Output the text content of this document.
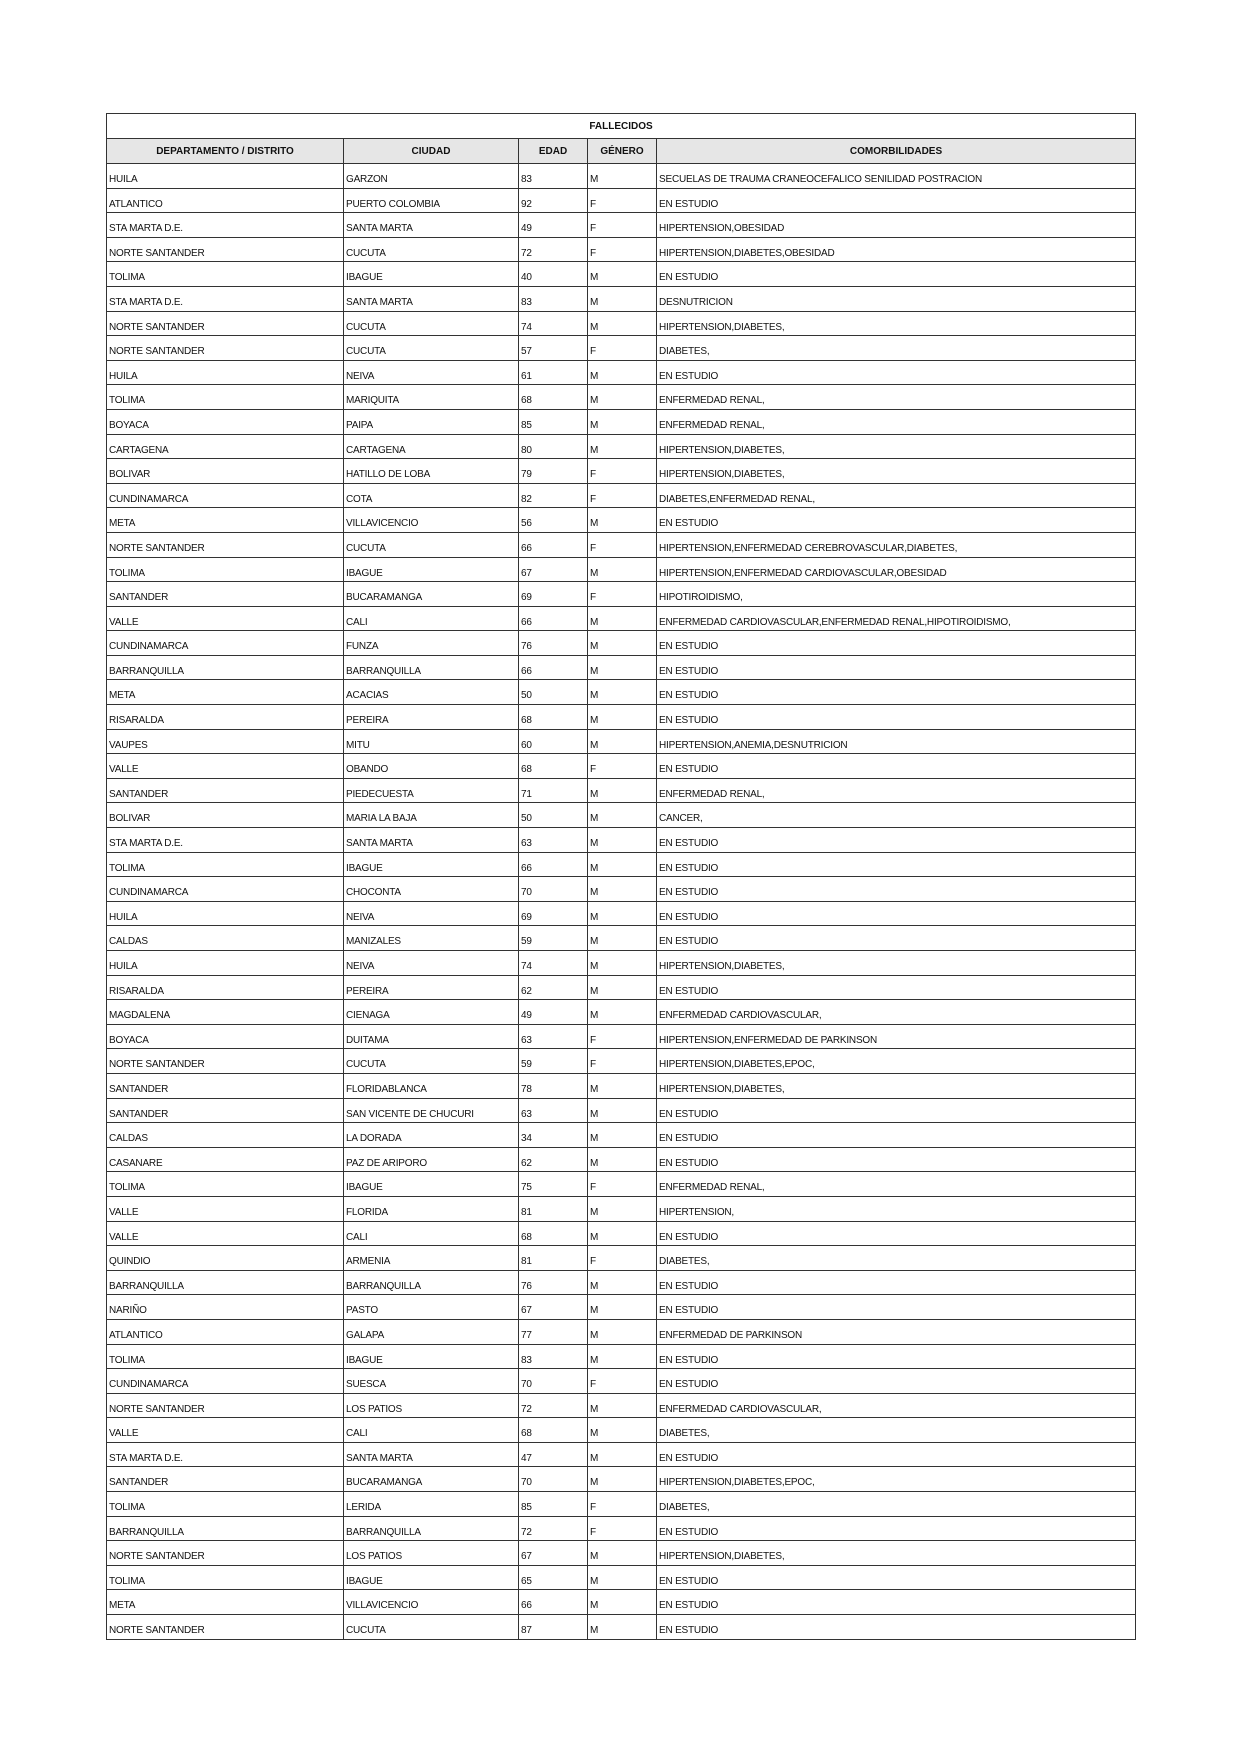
FALLECIDOS				
DEPARTAMENTO / DISTRITO	CIUDAD	EDAD	GÉNERO	COMORBILIDADES
HUILA	GARZON	83	M	SECUELAS DE TRAUMA CRANEOCEFALICO SENILIDAD POSTRACION
ATLANTICO	PUERTO COLOMBIA	92	F	EN ESTUDIO
STA MARTA D.E.	SANTA MARTA	49	F	HIPERTENSION,OBESIDAD
NORTE SANTANDER	CUCUTA	72	F	HIPERTENSION,DIABETES,OBESIDAD
TOLIMA	IBAGUE	40	M	EN ESTUDIO
STA MARTA D.E.	SANTA MARTA	83	M	DESNUTRICION
NORTE SANTANDER	CUCUTA	74	M	HIPERTENSION,DIABETES,
NORTE SANTANDER	CUCUTA	57	F	DIABETES,
HUILA	NEIVA	61	M	EN ESTUDIO
TOLIMA	MARIQUITA	68	M	ENFERMEDAD RENAL,
BOYACA	PAIPA	85	M	ENFERMEDAD RENAL,
CARTAGENA	CARTAGENA	80	M	HIPERTENSION,DIABETES,
BOLIVAR	HATILLO DE LOBA	79	F	HIPERTENSION,DIABETES,
CUNDINAMARCA	COTA	82	F	DIABETES,ENFERMEDAD RENAL,
META	VILLAVICENCIO	56	M	EN ESTUDIO
NORTE SANTANDER	CUCUTA	66	F	HIPERTENSION,ENFERMEDAD CEREBROVASCULAR,DIABETES,
TOLIMA	IBAGUE	67	M	HIPERTENSION,ENFERMEDAD CARDIOVASCULAR,OBESIDAD
SANTANDER	BUCARAMANGA	69	F	HIPOTIROIDISMO,
VALLE	CALI	66	M	ENFERMEDAD CARDIOVASCULAR,ENFERMEDAD RENAL,HIPOTIROIDISMO,
CUNDINAMARCA	FUNZA	76	M	EN ESTUDIO
BARRANQUILLA	BARRANQUILLA	66	M	EN ESTUDIO
META	ACACIAS	50	M	EN ESTUDIO
RISARALDA	PEREIRA	68	M	EN ESTUDIO
VAUPES	MITU	60	M	HIPERTENSION,ANEMIA,DESNUTRICION
VALLE	OBANDO	68	F	EN ESTUDIO
SANTANDER	PIEDECUESTA	71	M	ENFERMEDAD RENAL,
BOLIVAR	MARIA LA BAJA	50	M	CANCER,
STA MARTA D.E.	SANTA MARTA	63	M	EN ESTUDIO
TOLIMA	IBAGUE	66	M	EN ESTUDIO
CUNDINAMARCA	CHOCONTA	70	M	EN ESTUDIO
HUILA	NEIVA	69	M	EN ESTUDIO
CALDAS	MANIZALES	59	M	EN ESTUDIO
HUILA	NEIVA	74	M	HIPERTENSION,DIABETES,
RISARALDA	PEREIRA	62	M	EN ESTUDIO
MAGDALENA	CIENAGA	49	M	ENFERMEDAD CARDIOVASCULAR,
BOYACA	DUITAMA	63	F	HIPERTENSION,ENFERMEDAD DE PARKINSON
NORTE SANTANDER	CUCUTA	59	F	HIPERTENSION,DIABETES,EPOC,
SANTANDER	FLORIDABLANCA	78	M	HIPERTENSION,DIABETES,
SANTANDER	SAN VICENTE DE CHUCURI	63	M	EN ESTUDIO
CALDAS	LA DORADA	34	M	EN ESTUDIO
CASANARE	PAZ DE ARIPORO	62	M	EN ESTUDIO
TOLIMA	IBAGUE	75	F	ENFERMEDAD RENAL,
VALLE	FLORIDA	81	M	HIPERTENSION,
VALLE	CALI	68	M	EN ESTUDIO
QUINDIO	ARMENIA	81	F	DIABETES,
BARRANQUILLA	BARRANQUILLA	76	M	EN ESTUDIO
NARIÑO	PASTO	67	M	EN ESTUDIO
ATLANTICO	GALAPA	77	M	ENFERMEDAD DE PARKINSON
TOLIMA	IBAGUE	83	M	EN ESTUDIO
CUNDINAMARCA	SUESCA	70	F	EN ESTUDIO
NORTE SANTANDER	LOS PATIOS	72	M	ENFERMEDAD CARDIOVASCULAR,
VALLE	CALI	68	M	DIABETES,
STA MARTA D.E.	SANTA MARTA	47	M	EN ESTUDIO
SANTANDER	BUCARAMANGA	70	M	HIPERTENSION,DIABETES,EPOC,
TOLIMA	LERIDA	85	F	DIABETES,
BARRANQUILLA	BARRANQUILLA	72	F	EN ESTUDIO
NORTE SANTANDER	LOS PATIOS	67	M	HIPERTENSION,DIABETES,
TOLIMA	IBAGUE	65	M	EN ESTUDIO
META	VILLAVICENCIO	66	M	EN ESTUDIO
NORTE SANTANDER	CUCUTA	87	M	EN ESTUDIO
